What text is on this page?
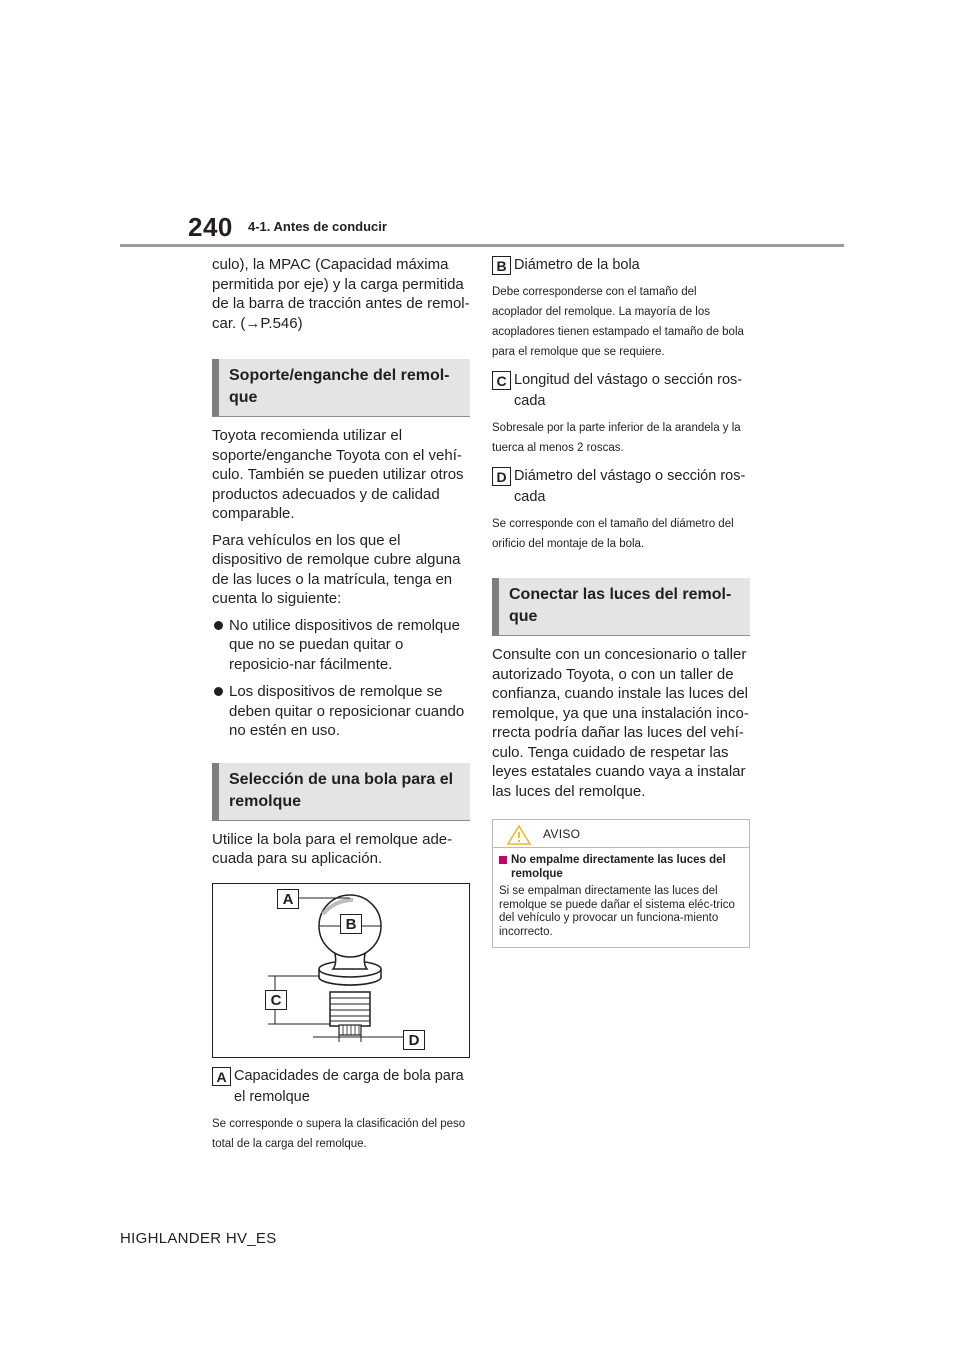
240 4-1. Antes de conducir

culo), la MPAC (Capacidad máxima permitida por eje) y la carga permitida de la barra de tracción antes de remol-car. (→P.546)

Soporte/enganche del remol-que

Toyota recomienda utilizar el soporte/enganche Toyota con el vehí-culo. También se pueden utilizar otros productos adecuados y de calidad comparable.

Para vehículos en los que el dispositivo de remolque cubre alguna de las luces o la matrícula, tenga en cuenta lo siguiente:

No utilice dispositivos de remolque que no se puedan quitar o reposicio-nar fácilmente.
Los dispositivos de remolque se deben quitar o reposicionar cuando no estén en uso.
Selección de una bola para el remolque

Utilice la bola para el remolque ade-cuada para su aplicación.

A
B
C
D
A Capacidades de carga de bola para
el remolque
Se corresponde o supera la clasificación del peso total de la carga del remolque.
B Diámetro de la bola
Debe corresponderse con el tamaño del acoplador del remolque. La mayoría de los acopladores tienen estampado el tamaño de bola para el remolque que se requiere.
C Longitud del vástago o sección ros-
cada
Sobresale por la parte inferior de la arandela y la tuerca al menos 2 roscas.
D Diámetro del vástago o sección ros-
cada
Se corresponde con el tamaño del diámetro del orificio del montaje de la bola.
Conectar las luces del remol-que

Consulte con un concesionario o taller autorizado Toyota, o con un taller de confianza, cuando instale las luces del remolque, ya que una instalación inco-rrecta podría dañar las luces del vehí-culo. Tenga cuidado de respetar las leyes estatales cuando vaya a instalar las luces del remolque.

AVISO
No empalme directamente las luces del remolque
Si se empalman directamente las luces del remolque se puede dañar el sistema eléc-trico del vehículo y provocar un funciona-miento incorrecto.
HIGHLANDER HV_ES
